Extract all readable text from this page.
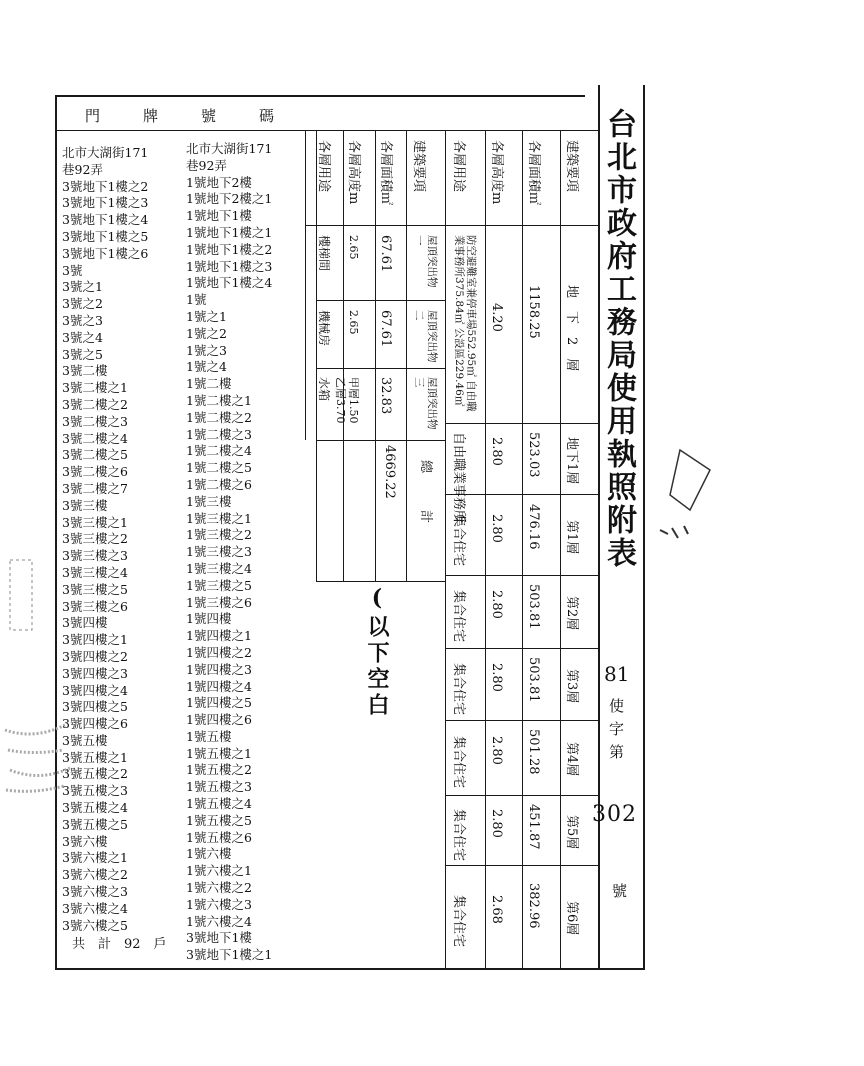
門　牌　號　碼
北市大湖街171
巷92弄
3號地下1樓之2
3號地下1樓之3
3號地下1樓之4
3號地下1樓之5
3號地下1樓之6
3號
3號之1
3號之2
3號之3
3號之4
3號之5
3號二樓
3號二樓之1
3號二樓之2
3號二樓之3
3號二樓之4
3號二樓之5
3號二樓之6
3號二樓之7
3號三樓
3號三樓之1
3號三樓之2
3號三樓之3
3號三樓之4
3號三樓之5
3號三樓之6
3號四樓
3號四樓之1
3號四樓之2
3號四樓之3
3號四樓之4
3號四樓之5
3號四樓之6
3號五樓
3號五樓之1
3號五樓之2
3號五樓之3
3號五樓之4
3號五樓之5
3號六樓
3號六樓之1
3號六樓之2
3號六樓之3
3號六樓之4
3號六樓之5
北市大湖街171
巷92弄
1號地下2樓
1號地下2樓之1
1號地下1樓
1號地下1樓之1
1號地下1樓之2
1號地下1樓之3
1號地下1樓之4
1號
1號之1
1號之2
1號之3
1號之4
1號二樓
1號二樓之1
1號二樓之2
1號二樓之3
1號二樓之4
1號二樓之5
1號二樓之6
1號三樓
1號三樓之1
1號三樓之2
1號三樓之3
1號三樓之4
1號三樓之5
1號三樓之6
1號四樓
1號四樓之1
1號四樓之2
1號四樓之3
1號四樓之4
1號四樓之5
1號四樓之6
1號五樓
1號五樓之1
1號五樓之2
1號五樓之3
1號五樓之4
1號五樓之5
1號五樓之6
1號六樓
1號六樓之1
1號六樓之2
1號六樓之3
1號六樓之4
3號地下1樓
3號地下1樓之1
共　計　92　戶
建築要項
各層面積㎡
各層高度m
各層用途
建築要項
各層面積㎡
各層高度m
各層用途
地　下　2　層
1158.25
4.20
防空避難室兼停車場552.95㎡ 自由職業事務所375.84㎡ 公設區229.46㎡
地下1層
523.03
2.80
自由職業事務所
第1層
476.16
2.80
集合住宅
第2層
503.81
2.80
集合住宅
第3層
503.81
2.80
集合住宅
第4層
501.28
2.80
集合住宅
第5層
451.87
2.80
集合住宅
第6層
382.96
2.68
集合住宅
屋頂突出物一
67.61
2.65
樓梯間
屋頂突出物二
67.61
2.65
機械房
屋頂突出物三
32.83
甲層1.50 乙層3.70
水箱
4669.22 總　計
(以下空白
台北市政府工務局使用執照附表
81
使字第
302
號
